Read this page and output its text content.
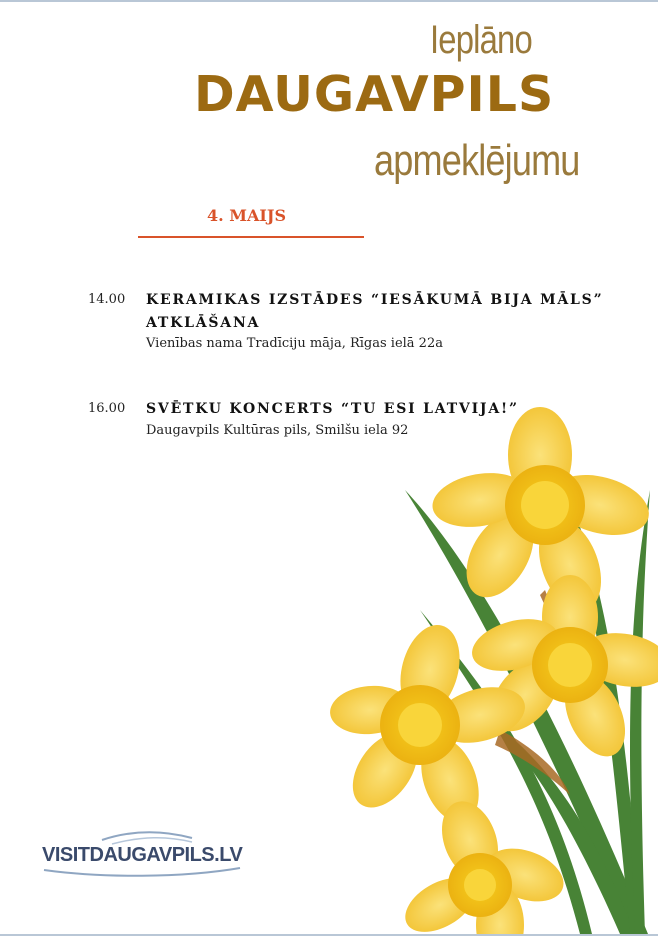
Ieplāno
DAUGAVPILS
apmeklējumu
4. MAIJS
14.00 KERAMIKAS IZSTĀDES “IESĀKUMĀ BIJA MĀLS” ATKLĀŠANA
Vienības nama Tradīciju māja, Rīgas ielā 22a
16.00 SVĒTKU KONCERTS “TU ESI LATVIJA!”
Daugavpils Kultūras pils, Smilšu iela 92
VISITDAUGAVPILS.LV
